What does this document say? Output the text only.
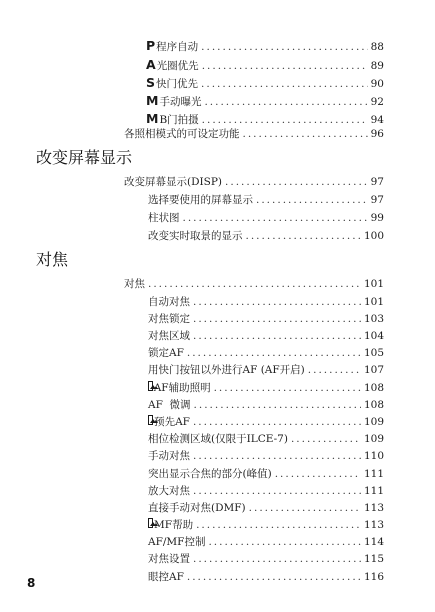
P 程序自动 .....	88
A 光圈优先 .....	89
S 快门优先 .....	90
M 手动曝光 .....	92
M B门拍摄 .....	94
各照相模式的可设定功能 .....	96
改变屏幕显示
改变屏幕显示(DISP) .....	97
选择要使用的屏幕显示 .....	97
柱状图 .....	99
改变实时取景的显示 .....	100
对焦
对焦 .....	101
自动对焦 .....	101
对焦锁定 .....	103
对焦区域 .....	104
锁定AF .....	105
用快门按钮以外进行AF (AF开启) .....	107
AF辅助照明 .....	108
AF  微调 .....	108
预先AF .....	109
相位检测区域(仅限于ILCE-7) .....	109
手动对焦 .....	110
突出显示合焦的部分(峰值) .....	111
放大对焦 .....	111
直接手动对焦(DMF) .....	113
MF帮助 .....	113
AF/MF控制 .....	114
对焦设置 .....	115
眼控AF .....	116
8
